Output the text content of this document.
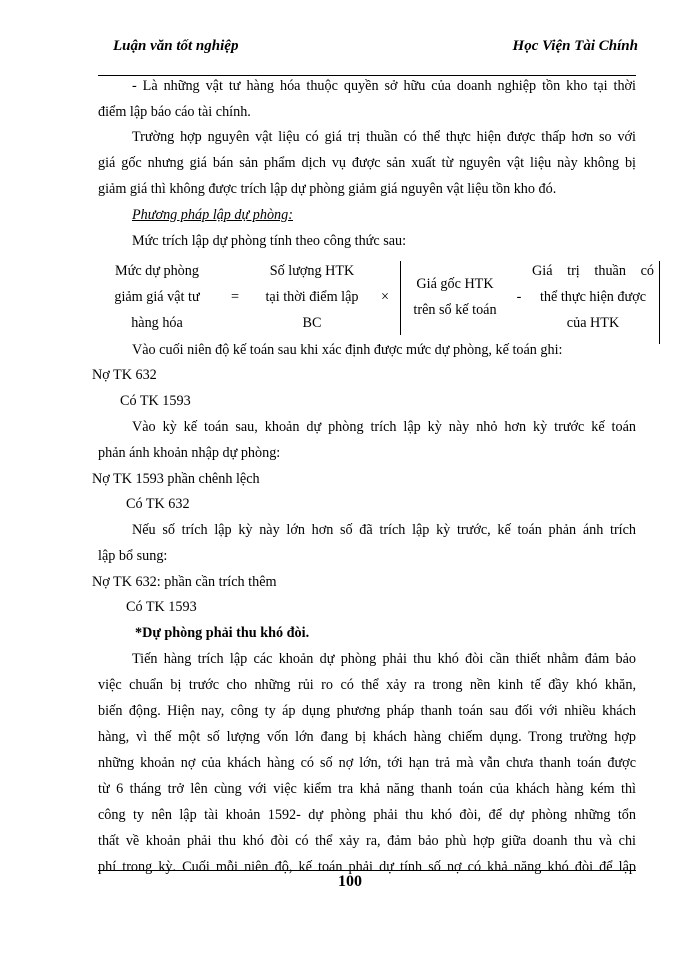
Luận văn tốt nghiệp	Học Viện Tài Chính
- Là những vật tư hàng hóa thuộc quyền sở hữu của doanh nghiệp tồn kho tại thời
điểm lập báo cáo tài chính.
Trường hợp nguyên vật liệu có giá trị thuần có thể thực hiện được thấp hơn so với
giá gốc nhưng giá bán sản phẩm dịch vụ được sản xuất từ nguyên vật liệu này không bị
giảm giá thì không được trích lập dự phòng giảm giá nguyên vật liệu tồn kho đó.
Phương pháp lập dự phòng:
Mức trích lập dự phòng tính theo công thức sau:
Mức dự phòng
giảm giá vật tư
hàng hóa
=
Số lượng HTK
tại thời điểm lập
BC
×
Giá gốc HTK
trên sổ kế toán
-
Giá trị thuần có
thể thực hiện được
của HTK
Vào cuối niên độ kế toán sau khi xác định được mức dự phòng, kế toán ghi:
Nợ TK 632
Có TK 1593
Vào kỳ kế toán sau, khoản dự phòng trích lập kỳ này nhỏ hơn kỳ trước kế toán
phản ánh khoản nhập dự phòng:
Nợ TK 1593 phần chênh lệch
Có TK 632
Nếu số trích lập kỳ này lớn hơn số đã trích lập kỳ trước, kế toán phản ánh trích
lập bổ sung:
Nợ TK 632: phần cần trích thêm
Có TK 1593
*Dự phòng phải thu khó đòi.
Tiến hàng trích lập các khoản dự phòng phải thu khó đòi cần thiết nhằm đảm bảo
việc chuẩn bị trước cho những rủi ro có thể xảy ra trong nền kinh tế đầy khó khăn,
biến động. Hiện nay, công ty áp dụng phương pháp thanh toán sau đối với nhiều khách
hàng, vì thế một số lượng vốn lớn đang bị khách hàng chiếm dụng. Trong trường hợp
những khoản nợ của khách hàng có số nợ lớn, tới hạn trả mà vẫn chưa thanh toán được
từ 6 tháng trở lên cùng với việc kiểm tra khả năng thanh toán của khách hàng kém thì
công ty nên lập tài khoản 1592- dự phòng phải thu khó đòi, để dự phòng những tổn
thất về khoản phải thu khó đòi có thể xảy ra, đảm bảo phù hợp giữa doanh thu và chi
phí trong kỳ. Cuối mỗi niên độ, kế toán phải dự tính số nợ có khả năng khó đòi để lập
100
